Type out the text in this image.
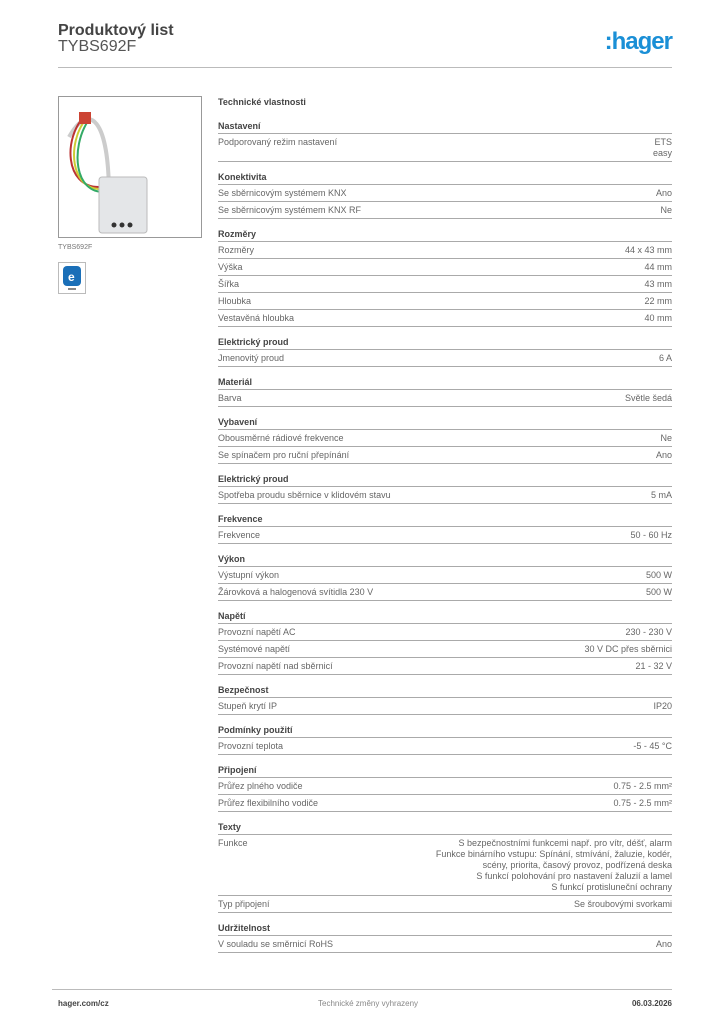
Produktový list
TYBS692F	:hager
TYBS692F
e
Technické vlastnosti
Nastavení
Podporovaný režim nastavení	ETS
easy
Konektivita
Se sběrnicovým systémem KNX	Ano
Se sběrnicovým systémem KNX RF	Ne
Rozměry
Rozměry	44 x 43 mm
Výška	44 mm
Šířka	43 mm
Hloubka	22 mm
Vestavěná hloubka	40 mm
Elektrický proud
Jmenovitý proud	6 A
Materiál
Barva	Světle šedá
Vybavení
Obousměrné rádiové frekvence	Ne
Se spínačem pro ruční přepínání	Ano
Elektrický proud
Spotřeba proudu sběrnice v klidovém stavu	5 mA
Frekvence
Frekvence	50 - 60 Hz
Výkon
Výstupní výkon	500 W
Žárovková a halogenová svítidla 230 V	500 W
Napětí
Provozní napětí AC	230 - 230 V
Systémové napětí	30 V DC přes sběrnici
Provozní napětí nad sběrnicí	21 - 32 V
Bezpečnost
Stupeň krytí IP	IP20
Podmínky použití
Provozní teplota	-5 - 45 °C
Připojení
Průřez plného vodiče	0.75 - 2.5 mm²
Průřez flexibilního vodiče	0.75 - 2.5 mm²
Texty
Funkce	S bezpečnostními funkcemi např. pro vítr, déšť, alarm
Funkce binárního vstupu: Spínání, stmívání, žaluzie, kodér,
scény, priorita, časový provoz, podřízená deska
S funkcí polohování pro nastavení žaluzií a lamel
S funkcí protisluneční ochrany
Typ připojení	Se šroubovými svorkami
Udržitelnost
V souladu se směrnicí RoHS	Ano
hager.com/cz	Technické změny vyhrazeny	06.03.2026
